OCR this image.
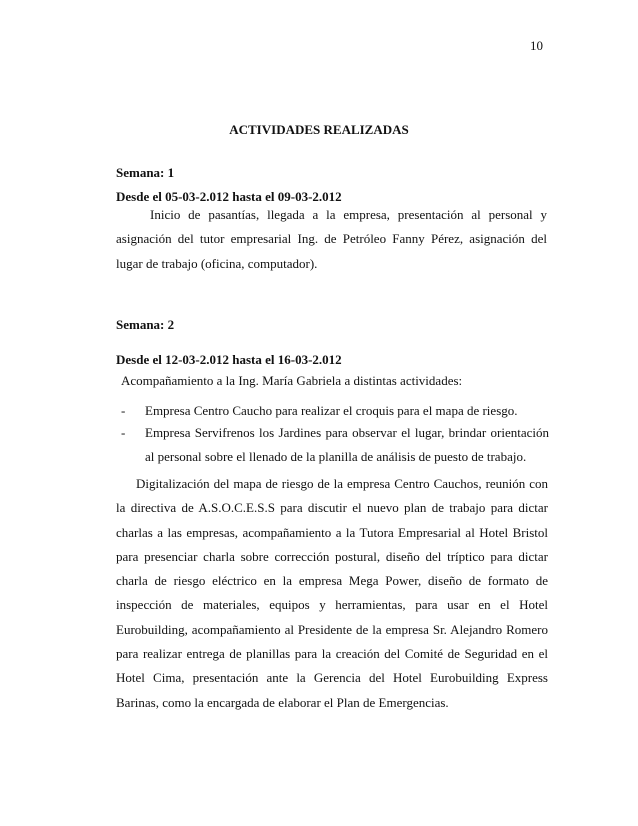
10
ACTIVIDADES REALIZADAS
Semana: 1
Desde el 05-03-2.012 hasta el 09-03-2.012
Inicio de pasantías, llegada a la empresa, presentación al personal y asignación del tutor empresarial Ing. de Petróleo Fanny Pérez, asignación del lugar de trabajo (oficina, computador).
Semana: 2
Desde el 12-03-2.012 hasta el 16-03-2.012
Acompañamiento a la Ing. María Gabriela a distintas actividades:
- Empresa Centro Caucho para realizar el croquis para el mapa de riesgo.
- Empresa Servifrenos los Jardines para observar el lugar, brindar orientación al personal sobre el llenado de la planilla de análisis de puesto de trabajo.
Digitalización del mapa de riesgo de la empresa Centro Cauchos, reunión con la directiva de A.S.O.C.E.S.S para discutir el nuevo plan de trabajo para dictar charlas a las empresas, acompañamiento a la Tutora Empresarial al Hotel Bristol para presenciar charla sobre corrección postural, diseño del tríptico para dictar charla de riesgo eléctrico en la empresa Mega Power, diseño de formato de inspección de materiales, equipos y herramientas, para usar en el Hotel Eurobuilding, acompañamiento al Presidente de la empresa Sr. Alejandro Romero para realizar entrega de planillas para la creación del Comité de Seguridad en el Hotel Cima, presentación ante la Gerencia del Hotel Eurobuilding Express Barinas, como la encargada de elaborar el Plan de Emergencias.
